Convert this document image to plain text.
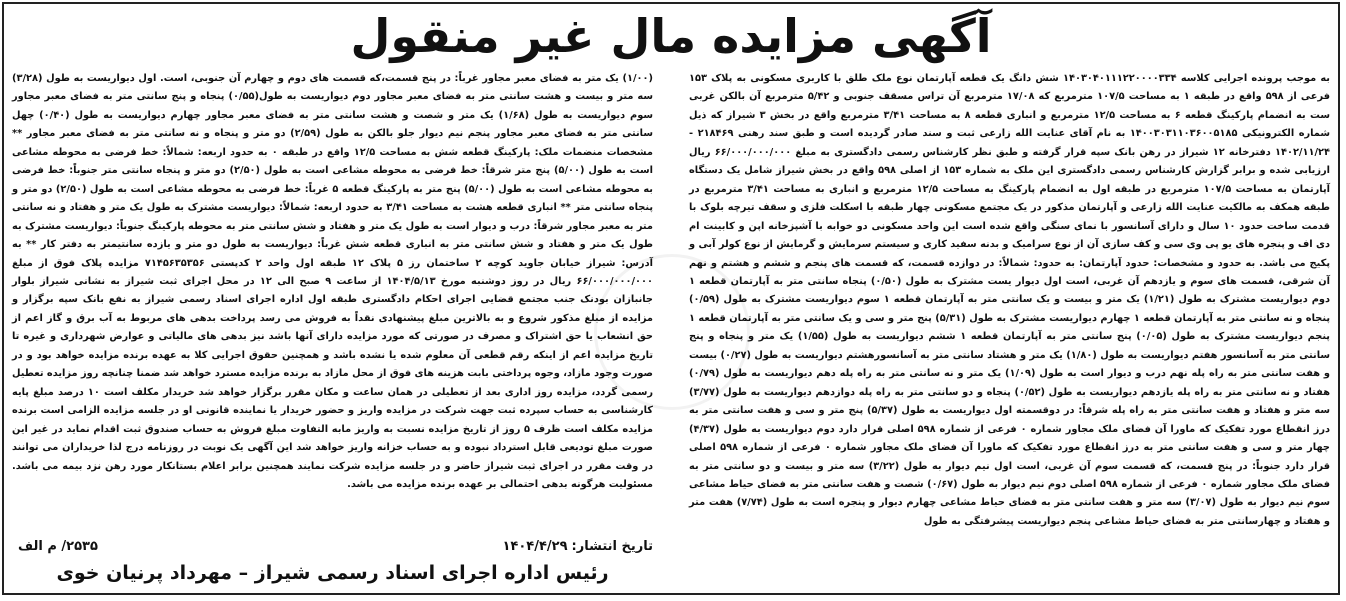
آگهی مزایده مال غیر منقول

به موجب پرونده اجرایی کلاسه ۱۴۰۳۰۴۰۱۱۱۲۲۰۰۰۰۳۳۴ شش دانگ یک قطعه آپارتمان نوع ملک طلق با کاربری مسکونی به پلاک ۱۵۳ فرعی از ۵۹۸ واقع در طبقه ۱ به مساحت ۱۰۷/۵ مترمربع که ۱۷/۰۸ مترمربع آن تراس مسقف جنوبی و ۵/۴۲ مترمربع آن بالکن غربی ست به انضمام پارکینگ قطعه ۶ به مساحت ۱۲/۵ مترمربع و انباری قطعه ۸ به مساحت ۳/۴۱ مترمربع واقع در بخش ۳ شیراز که ذیل شماره الکترونیکی ۱۴۰۰۳۰۳۱۱۰۳۶۰۰۵۱۸۵ به نام آقای عنایت الله زارعی ثبت و سند صادر گردیده است و طبق سند رهنی ۲۱۸۴۶۹ - ۱۴۰۲/۱۱/۲۴ دفترخانه ۱۲ شیراز در رهن بانک سپه قرار گرفته و طبق نظر کارشناس رسمی دادگستری به مبلغ ۶۶/۰۰۰/۰۰۰/۰۰۰ ریال ارزیابی شده و برابر گزارش کارشناس رسمی دادگستری این ملک به شماره ۱۵۳ از اصلی ۵۹۸ واقع در بخش شیراز شامل یک دستگاه آپارتمان به مساحت ۱۰۷/۵ مترمربع در طبقه اول به انضمام پارکینگ به مساحت ۱۲/۵ مترمربع و انباری به مساحت ۳/۴۱ مترمربع در طبقه همکف به مالکیت عنایت الله زارعی و آپارتمان مذکور در یک مجتمع مسکونی چهار طبقه با اسکلت فلزی و سقف تیرچه بلوک با قدمت ساخت حدود ۱۰ سال و دارای آسانسور با نمای سنگی واقع شده است این واحد مسکونی دو خوابه با آشپزخانه اپن و کابینت ام دی اف و پنجره های یو پی وی سی و کف سازی آن از نوع سرامیک و بدنه سفید کاری و سیستم سرمایش و گرمایش از نوع کولر آبی و پکیج می باشد. به حدود و مشخصات: حدود آپارتمان: به حدود: شمالاً: در دوازده قسمت، که قسمت های پنجم و ششم و هشتم و نهم آن شرقی، قسمت های سوم و یازدهم آن غربی، است اول دیوار یست مشترک به طول (۰/۵۰) پنجاه سانتی متر به آپارتمان قطعه ۱ دوم دیواریست مشترک به طول (۱/۲۱) یک متر و بیست و یک سانتی متر به آپارتمان قطعه ۱ سوم دیواریست مشترک به طول (۰/۵۹) پنجاه و نه سانتی متر به آپارتمان قطعه ۱ چهارم دیواریست مشترک به طول (۵/۳۱) پنج متر و سی و یک سانتی متر به آپارتمان قطعه ۱ پنجم دیواریست مشترک به طول (۰/۰۵) پنج سانتی متر به آپارتمان قطعه ۱ ششم دیواریست به طول (۱/۵۵) یک متر و پنجاه و پنج سانتی متر به آسانسور هفتم دیواریست به طول (۱/۸۰) یک متر و هشتاد سانتی متر به آسانسورهشتم دیواریست به طول (۰/۲۷) بیست و هفت سانتی متر به راه پله نهم درب و دیوار است به طول (۱/۰۹) یک متر و نه سانتی متر به راه پله دهم دیواریست به طول (۰/۷۹) هفتاد و نه سانتی متر به راه پله یازدهم دیواریست به طول (۰/۵۲) پنجاه و دو سانتی متر به راه پله دوازدهم دیواریست به طول (۳/۷۷) سه متر و هفتاد و هفت سانتی متر به راه پله شرقاً: در دوقسمته اول دیواریست به طول (۵/۳۷) پنج متر و سی و هفت سانتی متر به درز انقطاع مورد تفکیک که ماورا آن فضای ملک مجاور شماره ۰ فرعی از شماره ۵۹۸ اصلی قرار دارد دوم دیواریست به طول (۴/۳۷) چهار متر و سی و هفت سانتی متر به درز انقطاع مورد تفکیک که ماورا آن فضای ملک مجاور شماره ۰ فرعی از شماره ۵۹۸ اصلی قرار دارد جنوباً: در پنج قسمت، که قسمت سوم آن غربی، است اول نیم دیوار به طول (۳/۲۲) سه متر و بیست و دو سانتی متر به فضای ملک مجاور شماره ۰ فرعی از شماره ۵۹۸ اصلی دوم نیم دیوار به طول (۰/۶۷) شصت و هفت سانتی متر به فضای حیاط مشاعی سوم نیم دیوار به طول (۳/۰۷) سه متر و هفت سانتی متر به فضای حیاط مشاعی چهارم دیوار و پنجره است به طول (۷/۷۴) هفت متر و هفتاد و چهارسانتی متر به فضای حیاط مشاعی پنجم دیواریست پیشرفتگی به طول

(۱/۰۰) یک متر به فضای معبر مجاور غرباً: در پنج قسمت،که قسمت های دوم و چهارم آن جنوبی، است. اول دیواریست به طول (۳/۲۸) سه متر و بیست و هشت سانتی متر به فضای معبر مجاور دوم دیواریست به طول(۰/۵۵) پنجاه و پنج سانتی متر به فضای معبر مجاور سوم دیواریست به طول (۱/۶۸) یک متر و شصت و هشت سانتی متر به فضای معبر مجاور چهارم دیواریست به طول (۰/۴۰) چهل سانتی متر به فضای معبر مجاور پنجم نیم دیوار جلو بالکن به طول (۲/۵۹) دو متر و پنجاه و نه سانتی متر به فضای معبر مجاور ** مشخصات منضمات ملک: پارکینگ قطعه شش به مساحت ۱۲/۵ واقع در طبقه ۰ به حدود اربعه: شمالاً: خط فرضی به محوطه مشاعی است به طول (۵/۰۰) پنج متر شرقاً: خط فرضی به محوطه مشاعی است به طول (۲/۵۰) دو متر و پنجاه سانتی متر جنوباً: خط فرضی به محوطه مشاعی است به طول (۵/۰۰) پنج متر به پارکینگ قطعه ۵ غرباً: خط فرضی به محوطه مشاعی است به طول (۲/۵۰) دو متر و پنجاه سانتی متر ** انباری قطعه هشت به مساحت ۳/۴۱ به حدود اربعه: شمالاً: دیواریست مشترک به طول یک متر و هفتاد و نه سانتی متر به معبر مجاور شرقاً: درب و دیوار است به طول یک متر و هفتاد و شش سانتی متر به محوطه پارکینگ جنوباً: دیواریست مشترک به طول یک متر و هفتاد و شش سانتی متر به انباری قطعه شش غرباً: دیواریست به طول دو متر و یازده سانتیمتر به دفتر کار ** به آدرس: شیراز خیابان جاوید کوچه ۲ ساختمان رز ۵ پلاک ۱۲ طبقه اول واحد ۲ کدپستی ۷۱۴۵۶۳۵۳۵۶ مزایده پلاک فوق از مبلغ ۶۶/۰۰۰/۰۰۰/۰۰۰ ریال در روز دوشنبه مورخ ۱۴۰۴/۵/۱۳ از ساعت ۹ صبح الی ۱۲ در محل اجرای ثبت شیراز به نشانی شیراز بلوار جانبازان بودنک جنب مجتمع قضایی اجرای احکام دادگستری طبقه اول اداره اجرای اسناد رسمی شیراز به نفع بانک سپه برگزار و مزایده از مبلغ مذکور شروع و به بالاترین مبلغ پیشنهادی نقداً به فروش می رسد پرداخت بدهی های مربوط به آب برق و گاز اعم از حق انشعاب یا حق اشتراک و مصرف در صورتی که مورد مزایده دارای آنها باشد نیز بدهی های مالیاتی و عوارض شهرداری و غیره تا تاریخ مزایده اعم از اینکه رقم قطعی آن معلوم شده یا نشده باشد و همچنین حقوق اجرایی کلا به عهده برنده مزایده خواهد بود و در صورت وجود مازاد، وجوه پرداختی بابت هزینه های فوق از محل مازاد به برنده مزایده مسترد خواهد شد ضمنا چنانچه روز مزایده تعطیل رسمی گردد، مزایده روز اداری بعد از تعطیلی در همان ساعت و مکان مقرر برگزار خواهد شد خریدار مکلف است ۱۰ درصد مبلغ پایه کارشناسی به حساب سپرده ثبت جهت شرکت در مزایده واریز و حضور خریدار یا نماینده قانونی او در جلسه مزایده الزامی است برنده مزایده مکلف است ظرف ۵ روز از تاریخ مزایده نسبت به واریز مابه التفاوت مبلغ فروش به حساب صندوق ثبت اقدام نماید در غیر این صورت مبلغ تودیعی قابل استرداد نبوده و به حساب خزانه واریز خواهد شد این آگهی یک نوبت در روزنامه درج لذا خریداران می توانند در وقت مقرر در اجرای ثبت شیراز حاضر و در جلسه مزایده شرکت نمایند همچنین برابر اعلام بستانکار مورد رهن نزد بیمه می باشد. مسئولیت هرگونه بدهی احتمالی بر عهده برنده مزایده می باشد.

تاریخ انتشار:۱۴۰۴/۴/۲۹
۲۵۳۵/ م الف
رئیس اداره اجرای اسناد رسمی شیراز – مهرداد پرنیان خوی
